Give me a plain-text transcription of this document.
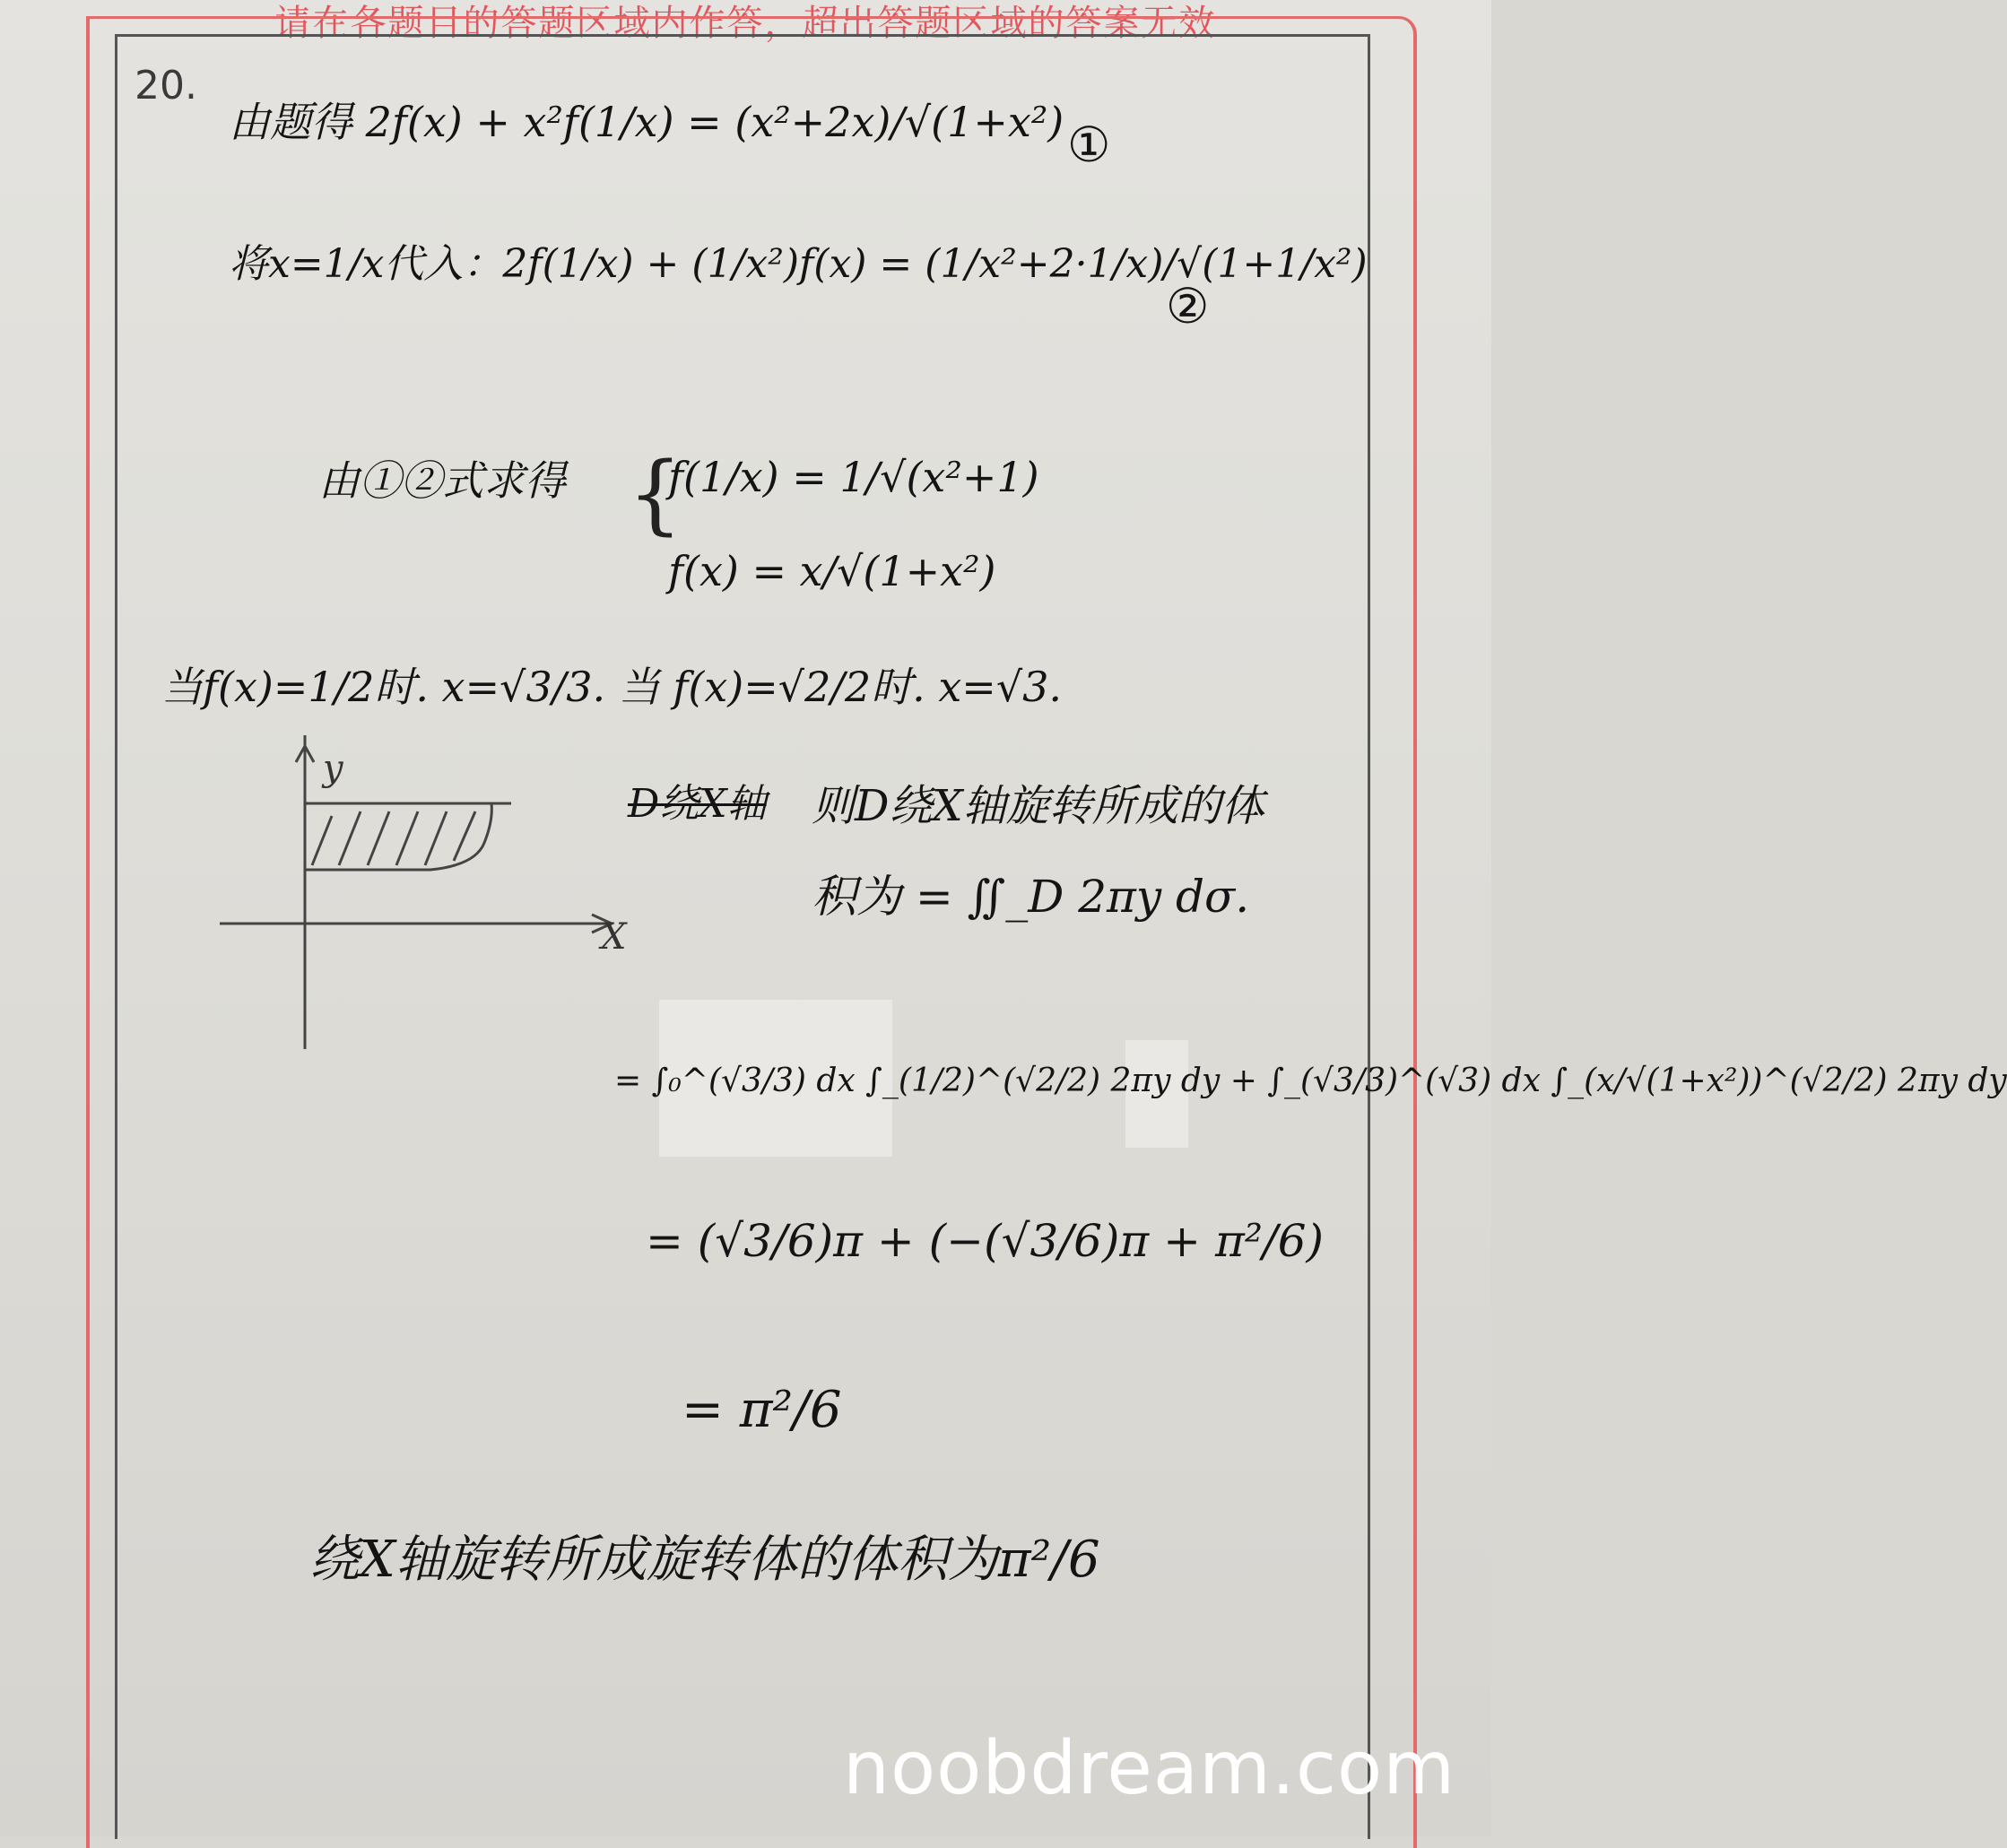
请在各题目的答题区域内作答，超出答题区域的答案无效
20.
由题得 2f(x) + x²f(1/x) = (x²+2x)/√(1+x²) ①
将x=1/x代入：2f(1/x) + (1/x²)f(x) = (1/x²+2·1/x)/√(1+1/x²)
②
由①②式求得 {
f(1/x) = 1/√(x²+1)
f(x) = x/√(1+x²)
当f(x)=1/2时. x=√3/3. 当 f(x)=√2/2时. x=√3.
y
X
D绕X轴 则D绕X轴旋转所成的体
积为 = ∬_D 2πy dσ.
= ∫₀^(√3/3) dx ∫_(1/2)^(√2/2) 2πy dy + ∫_(√3/3)^(√3) dx ∫_(x/√(1+x²))^(√2/2) 2πy dy
= (√3/6)π + (−(√3/6)π + π²/6)
= π²/6
绕X轴旋转所成旋转体的体积为π²/6
noobdream.com
